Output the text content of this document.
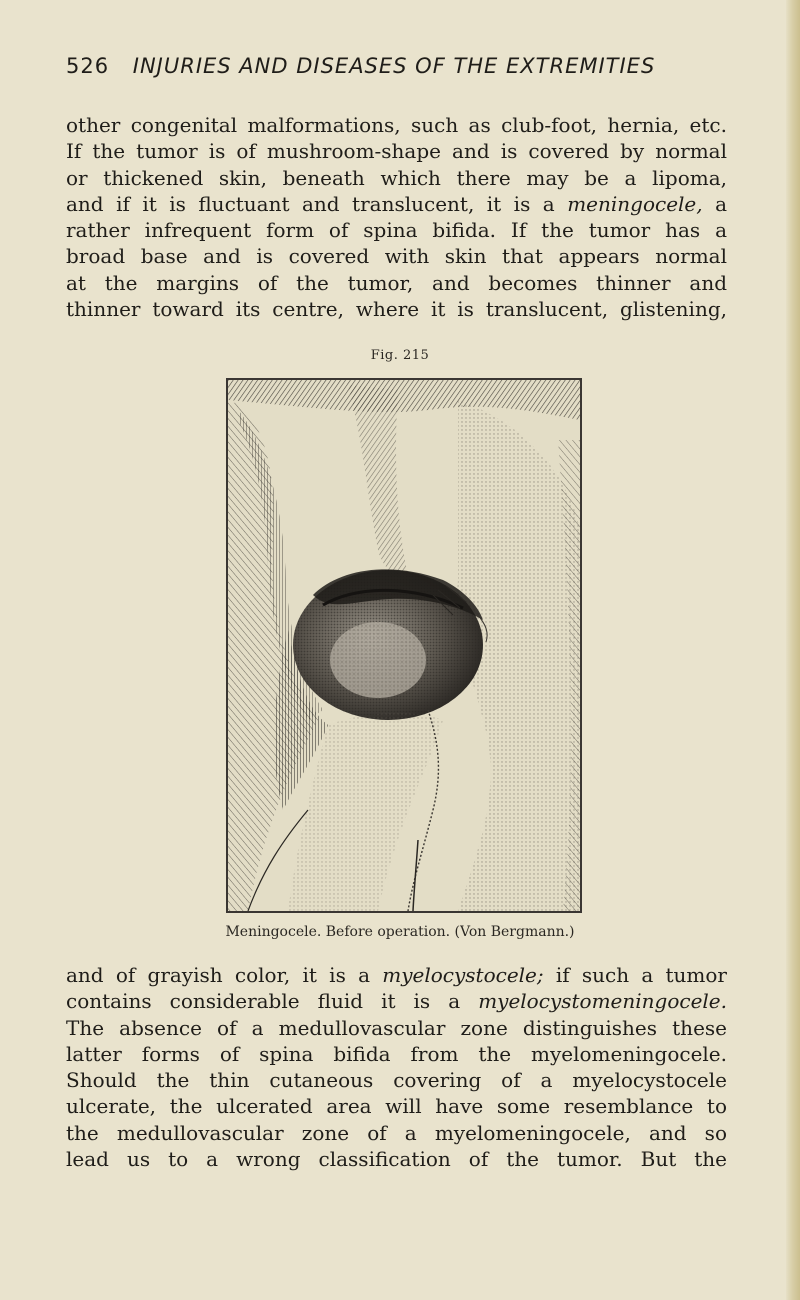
526 INJURIES AND DISEASES OF THE EXTREMITIES

other congenital malformations, such as club-foot, hernia, etc.
If the tumor is of mushroom-shape and is covered by normal
or thickened skin, beneath which there may be a lipoma,
and if it is fluctuant and translucent, it is a meningocele, a
rather infrequent form of spina bifida. If the tumor has a
broad base and is covered with skin that appears normal
at the margins of the tumor, and becomes thinner and
thinner toward its centre, where it is translucent, glistening,

Fig. 215
Meningocele. Before operation. (Von Bergmann.)

and of grayish color, it is a myelocystocele; if such a tumor
contains considerable fluid it is a myelocystomeningocele.
The absence of a medullovascular zone distinguishes these
latter forms of spina bifida from the myelomeningocele.
Should the thin cutaneous covering of a myelocystocele
ulcerate, the ulcerated area will have some resemblance to
the medullovascular zone of a myelomeningocele, and so
lead us to a wrong classification of the tumor. But the
